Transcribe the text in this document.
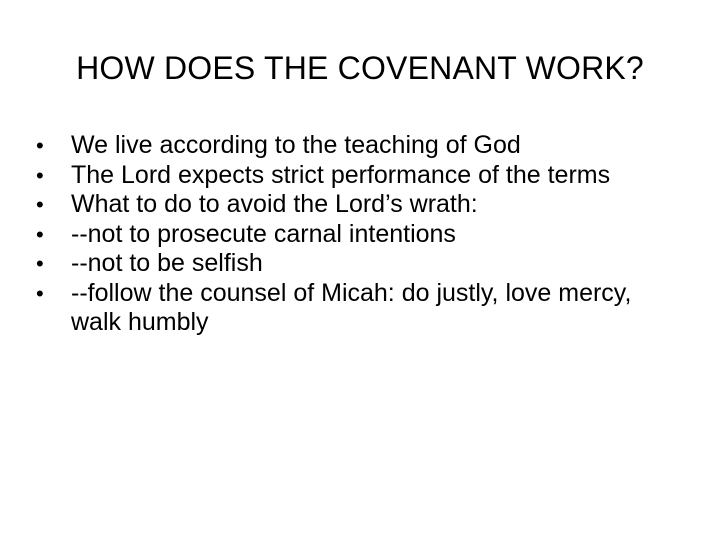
HOW DOES THE COVENANT WORK?
•	We live according to the teaching of God
•	The Lord expects strict performance of the terms
•	What to do to avoid the Lord’s wrath:
•	--not to prosecute carnal intentions
•	--not to be selfish
•	--follow the counsel of Micah: do justly, love mercy, walk humbly
